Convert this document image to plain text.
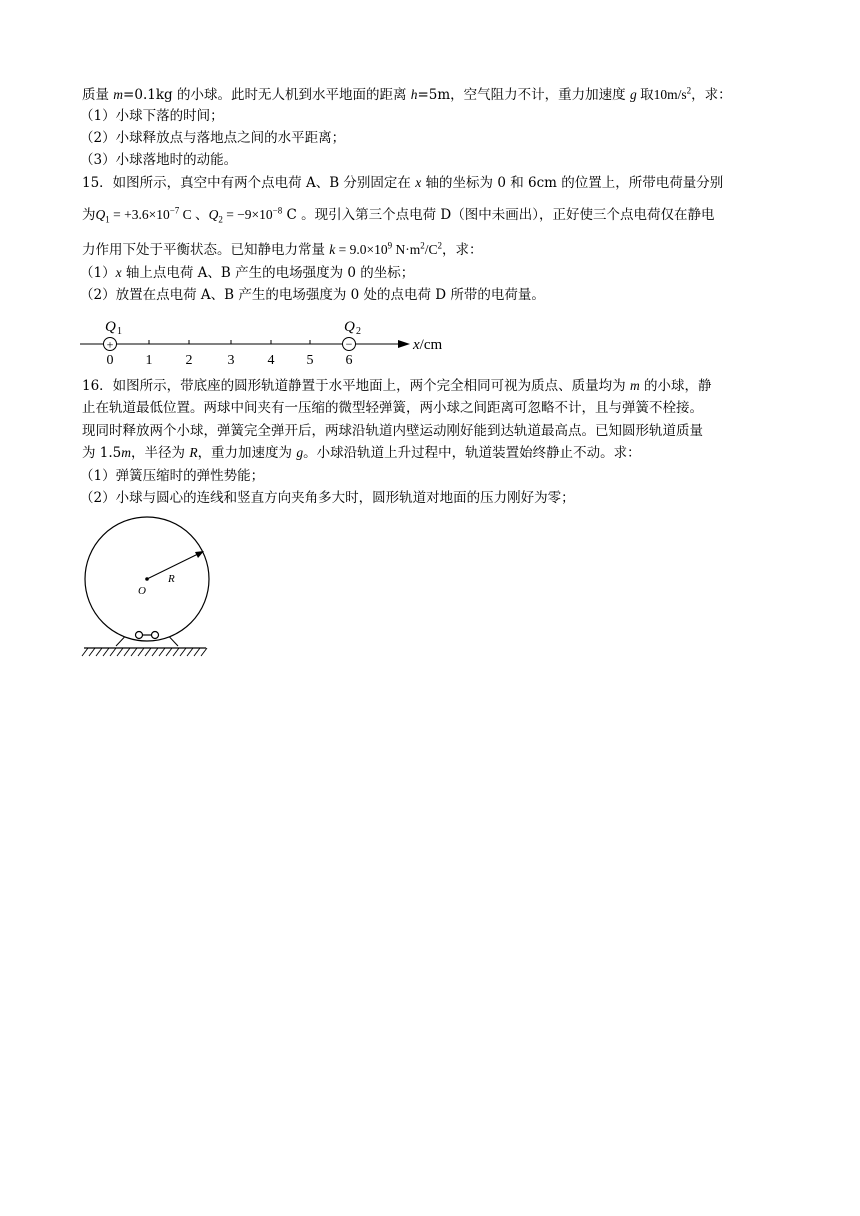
质量 m=0.1kg 的小球。此时无人机到水平地面的距离 h=5m，空气阻力不计，重力加速度 g 取$10m/s^2$，求：
（1）小球下落的时间；
（2）小球释放点与落地点之间的水平距离；
（3）小球落地时的动能。
15．如图所示，真空中有两个点电荷 A、B 分别固定在 x 轴的坐标为 0 和 6cm 的位置上，所带电荷量分别
为$Q_1 = +3.6\times 10^{-7}$ C 、$Q_2 = -9\times 10^{-8}$ C 。现引入第三个点电荷 D（图中未画出），正好使三个点电荷仅在静电
力作用下处于平衡状态。已知静电力常量 $k = 9.0\times 10^9$ $N\cdot m^2/C^2$，求：
（1）x 轴上点电荷 A、B 产生的电场强度为 0 的坐标；
（2）放置在点电荷 A、B 产生的电场强度为 0 处的点电荷 D 所带的电荷量。
+	−
Q 1	Q 2
x/cm
0 1 2	3 4 5 6
16．如图所示，带底座的圆形轨道静置于水平地面上，两个完全相同可视为质点、质量均为 m 的小球，静
止在轨道最低位置。两球中间夹有一压缩的微型轻弹簧，两小球之间距离可忽略不计，且与弹簧不栓接。
现同时释放两个小球，弹簧完全弹开后，两球沿轨道内壁运动刚好能到达轨道最高点。已知圆形轨道质量
为 1.5m，半径为 R，重力加速度为 g。小球沿轨道上升过程中，轨道装置始终静止不动。求：
（1）弹簧压缩时的弹性势能；
（2）小球与圆心的连线和竖直方向夹角多大时，圆形轨道对地面的压力刚好为零；
O
R
